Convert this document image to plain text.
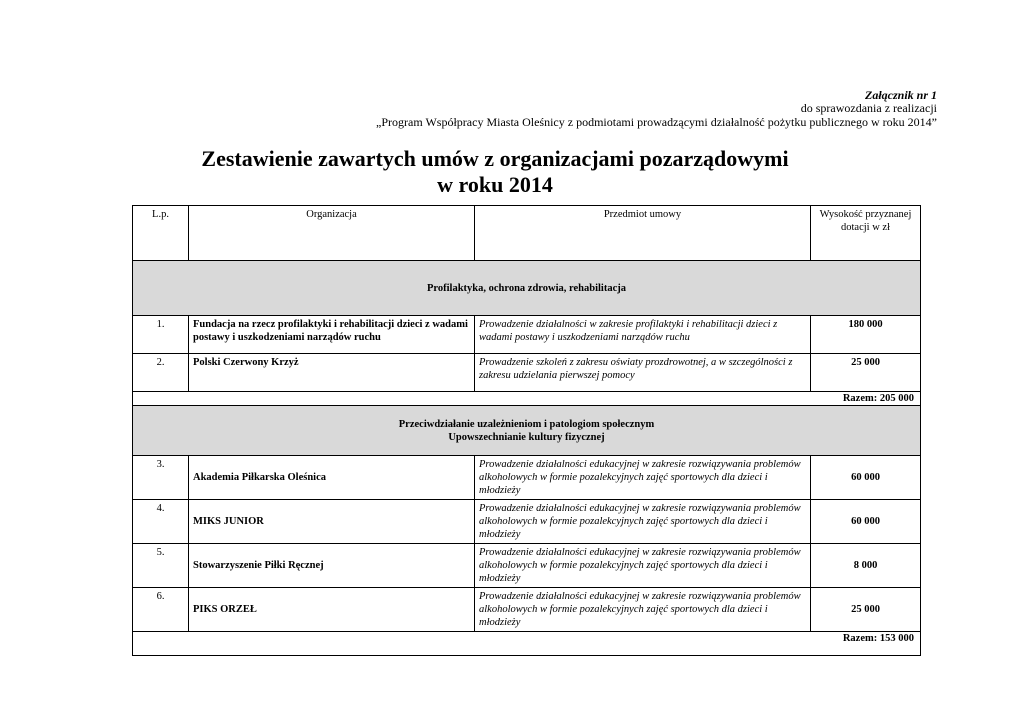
Załącznik nr 1
do sprawozdania z realizacji
„Program Współpracy Miasta Oleśnicy z podmiotami prowadzącymi działalność pożytku publicznego w roku 2014”
Zestawienie zawartych umów z organizacjami pozarządowymi
w roku 2014
L.p.	Organizacja	Przedmiot umowy	Wysokość przyznanej dotacji w zł
Profilaktyka, ochrona zdrowia, rehabilitacja			
1.	Fundacja na rzecz profilaktyki i rehabilitacji dzieci z wadami postawy i uszkodzeniami narządów ruchu	Prowadzenie działalności w zakresie profilaktyki i rehabilitacji dzieci z wadami postawy i uszkodzeniami narządów ruchu	180 000
2.	Polski Czerwony Krzyż	Prowadzenie szkoleń z zakresu oświaty prozdrowotnej, a w szczególności z zakresu udzielania pierwszej pomocy	25 000
Razem: 205 000			

Przeciwdziałanie uzależnieniom i patologiom społecznym
Upowszechnianie kultury fizycznej			

3.	Akademia Piłkarska Oleśnica	Prowadzenie działalności edukacyjnej w zakresie rozwiązywania problemów alkoholowych w formie pozalekcyjnych zajęć sportowych dla dzieci i młodzieży	60 000
4.	MIKS JUNIOR	Prowadzenie działalności edukacyjnej w zakresie rozwiązywania problemów alkoholowych w formie pozalekcyjnych zajęć sportowych dla dzieci i młodzieży	60 000
5.	Stowarzyszenie Piłki Ręcznej	Prowadzenie działalności edukacyjnej w zakresie rozwiązywania problemów alkoholowych w formie pozalekcyjnych zajęć sportowych dla dzieci i młodzieży	8 000
6.	PIKS ORZEŁ	Prowadzenie działalności edukacyjnej w zakresie rozwiązywania problemów alkoholowych w formie pozalekcyjnych zajęć sportowych dla dzieci i młodzieży	25 000
Razem: 153 000			
